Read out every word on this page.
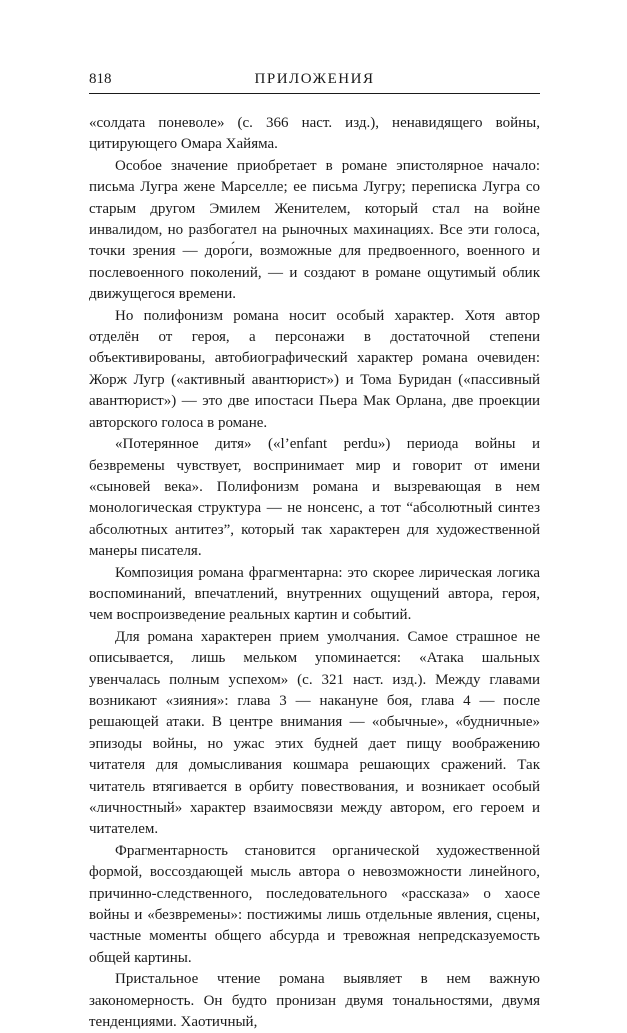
818	ПРИЛОЖЕНИЯ

«солдата поневоле» (с. 366 наст. изд.), ненавидящего войны, цитирующего Омара Хайяма.

Особое значение приобретает в романе эпистолярное начало: письма Лугра жене Марселле; ее письма Лугру; переписка Лугра со старым другом Эмилем Женителем, который стал на войне инвалидом, но разбогател на рыночных махинациях. Все эти голоса, точки зрения — доро́ги, возможные для предвоенного, военного и послевоенного поколений, — и создают в романе ощутимый облик движущегося времени.

Но полифонизм романа носит особый характер. Хотя автор отделён от героя, а персонажи в достаточной степени объективированы, автобиографический характер романа очевиден: Жорж Лугр («активный авантюрист») и Тома Буридан («пассивный авантюрист») — это две ипостаси Пьера Мак Орлана, две проекции авторского голоса в романе.

«Потерянное дитя» («l’enfant perdu») периода войны и безвремены чувствует, воспринимает мир и говорит от имени «сыновей века». Полифонизм романа и вызревающая в нем монологическая структура — не нонсенс, а тот “абсолютный синтез абсолютных антитез”, который так характерен для художественной манеры писателя.

Композиция романа фрагментарна: это скорее лирическая логика воспоминаний, впечатлений, внутренних ощущений автора, героя, чем воспроизведение реальных картин и событий.

Для романа характерен прием умолчания. Самое страшное не описывается, лишь мельком упоминается: «Атака шальных увенчалась полным успехом» (с. 321 наст. изд.). Между главами возникают «зияния»: глава 3 — накануне боя, глава 4 — после решающей атаки. В центре внимания — «обычные», «будничные» эпизоды войны, но ужас этих будней дает пищу воображению читателя для домысливания кошмара решающих сражений. Так читатель втягивается в орбиту повествования, и возникает особый «личностный» характер взаимосвязи между автором, его героем и читателем.

Фрагментарность становится органической художественной формой, воссоздающей мысль автора о невозможности линейного, причинно-следственного, последовательного «рассказа» о хаосе войны и «безвремены»: постижимы лишь отдельные явления, сцены, частные моменты общего абсурда и тревожная непредсказуемость общей картины.

Пристальное чтение романа выявляет в нем важную закономерность. Он будто пронизан двумя тональностями, двумя тенденциями. Хаотичный,
